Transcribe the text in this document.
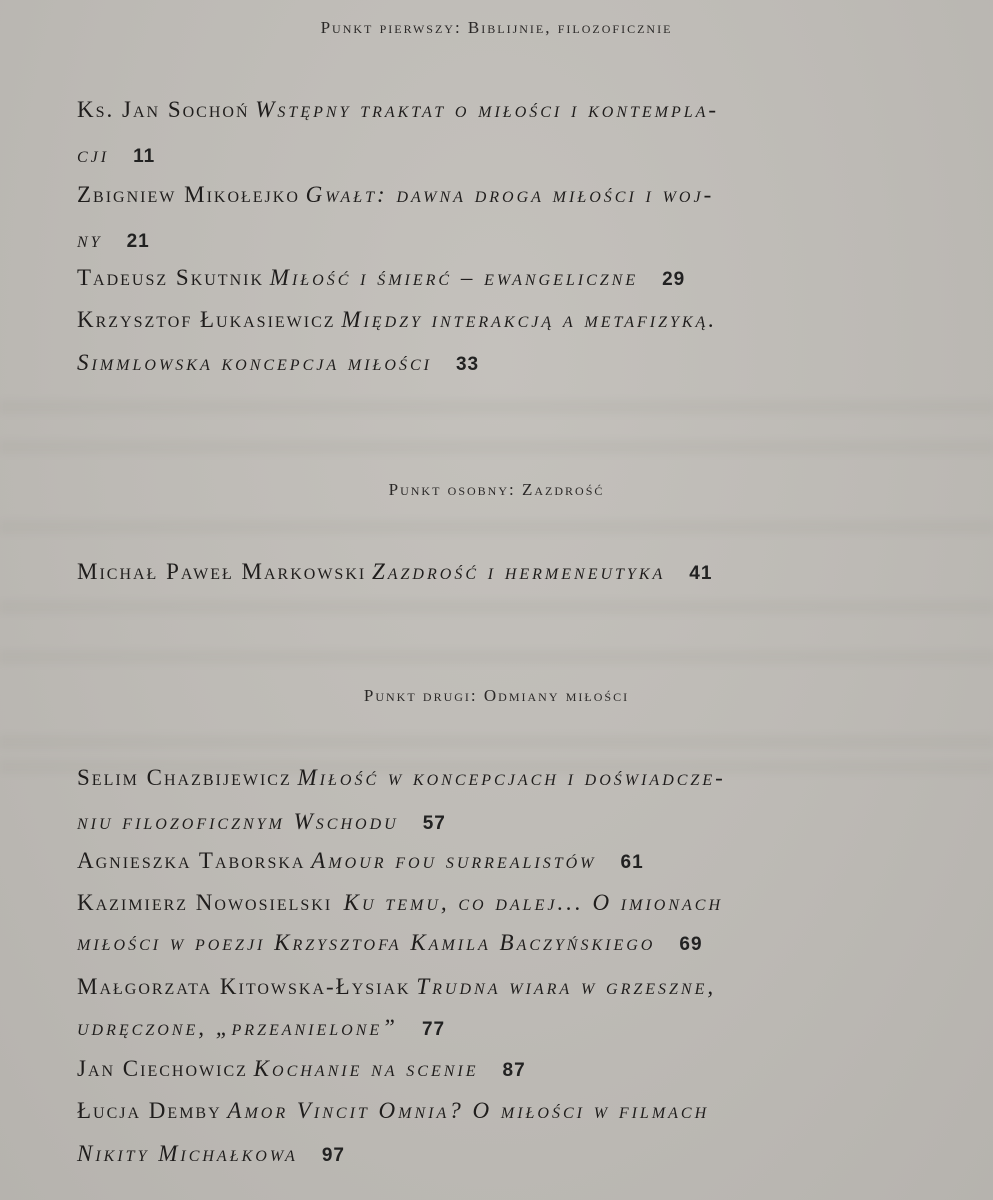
Punkt pierwszy: Biblijnie, filozoficznie
Ks. Jan Sochoń Wstępny traktat o miłości i kontempla-
cji 11
Zbigniew Mikołejko Gwałt: dawna droga miłości i woj-
ny 21
Tadeusz Skutnik Miłość i śmierć – ewangeliczne 29
Krzysztof Łukasiewicz Między interakcją a metafizyką.
Simmlowska koncepcja miłości 33
Punkt osobny: Zazdrość
Michał Paweł Markowski Zazdrość i hermeneutyka 41
Punkt drugi: Odmiany miłości
Selim Chazbijewicz Miłość w koncepcjach i doświadcze-
niu filozoficznym Wschodu 57
Agnieszka Taborska Amour fou surrealistów 61
Kazimierz Nowosielski Ku temu, co dalej... O imionach
miłości w poezji Krzysztofa Kamila Baczyńskiego 69
Małgorzata Kitowska-Łysiak Trudna wiara w grzeszne,
udręczone, „przeanielone” 77
Jan Ciechowicz Kochanie na scenie 87
Łucja Demby Amor Vincit Omnia? O miłości w filmach
Nikity Michałkowa 97
